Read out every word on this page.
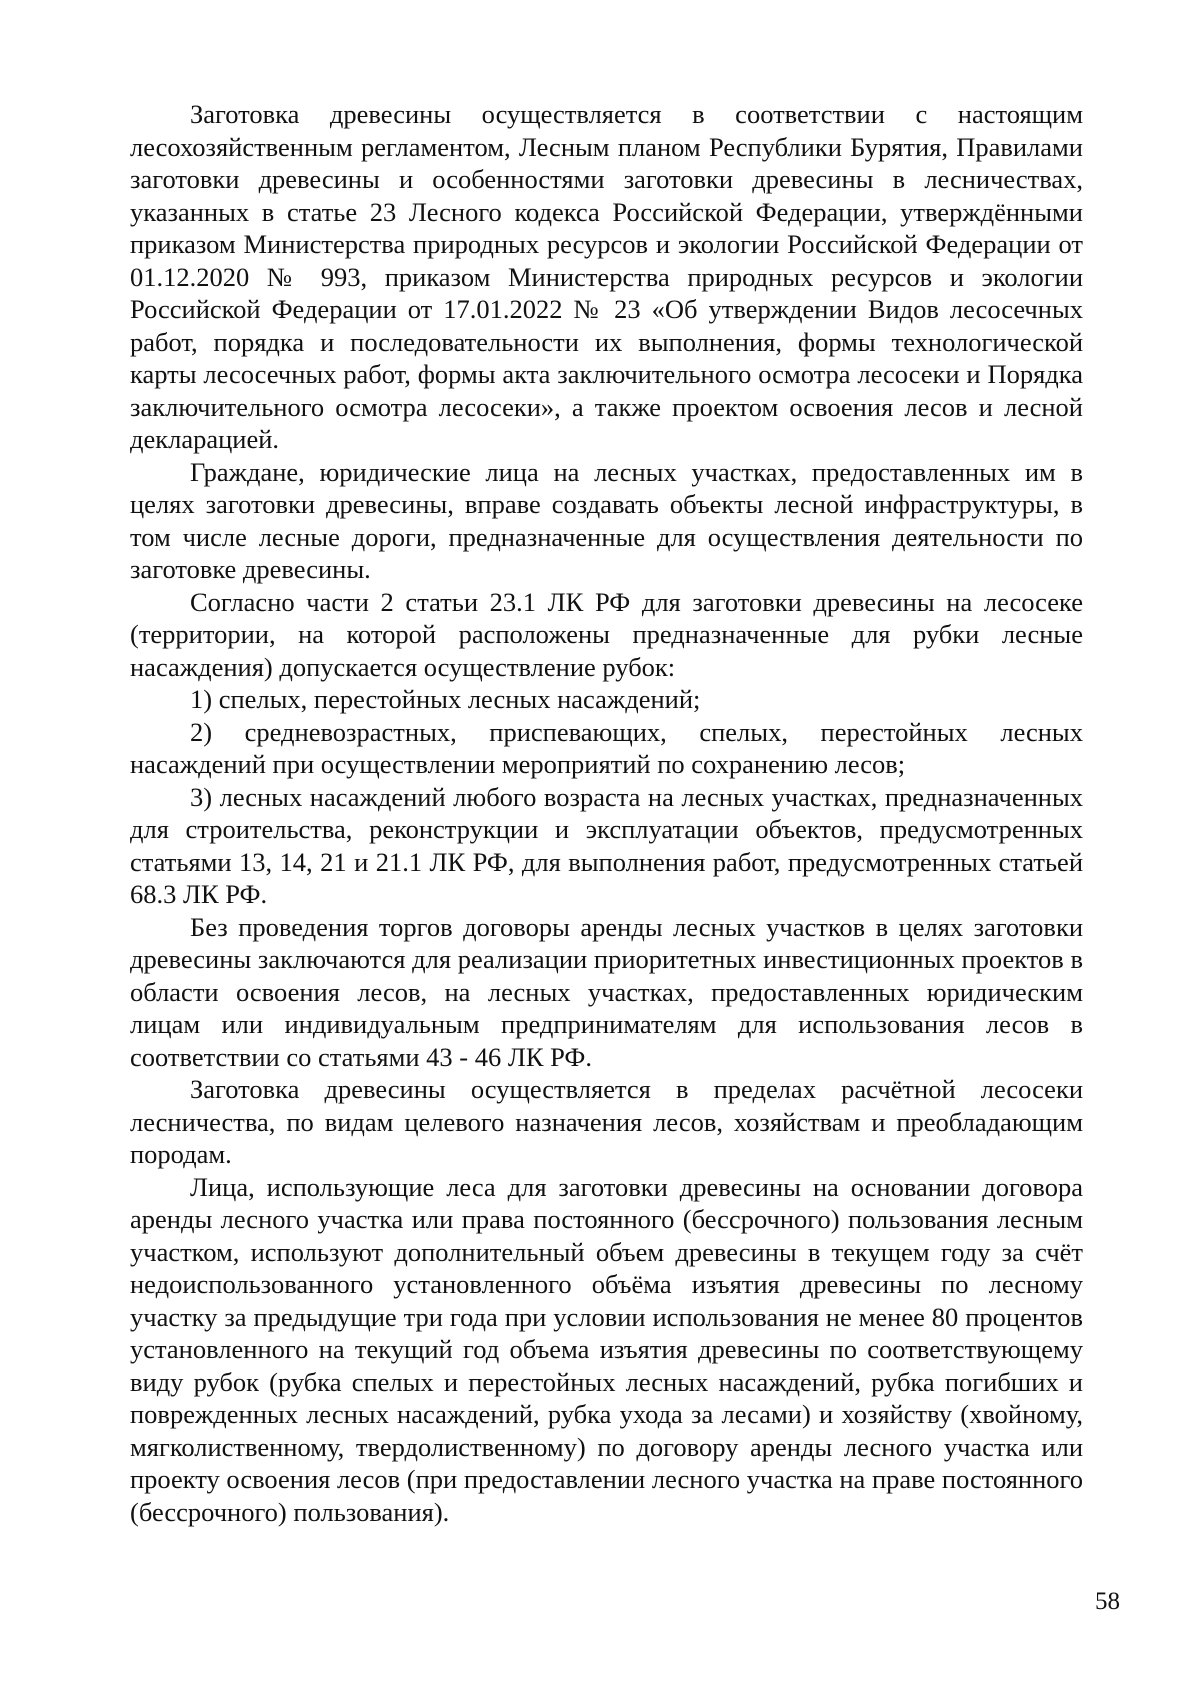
Заготовка древесины осуществляется в соответствии с настоящим лесохозяйственным регламентом, Лесным планом Республики Бурятия, Правилами заготовки древесины и особенностями заготовки древесины в лесничествах, указанных в статье 23 Лесного кодекса Российской Федерации, утверждёнными приказом Министерства природных ресурсов и экологии Российской Федерации от 01.12.2020 № 993, приказом Министерства природных ресурсов и экологии Российской Федерации от 17.01.2022 № 23 «Об утверждении Видов лесосечных работ, порядка и последовательности их выполнения, формы технологической карты лесосечных работ, формы акта заключительного осмотра лесосеки и Порядка заключительного осмотра лесосеки», а также проектом освоения лесов и лесной декларацией.

Граждане, юридические лица на лесных участках, предоставленных им в целях заготовки древесины, вправе создавать объекты лесной инфраструктуры, в том числе лесные дороги, предназначенные для осуществления деятельности по заготовке древесины.

Согласно части 2 статьи 23.1 ЛК РФ для заготовки древесины на лесосеке (территории, на которой расположены предназначенные для рубки лесные насаждения) допускается осуществление рубок:

1) спелых, перестойных лесных насаждений;

2) средневозрастных, приспевающих, спелых, перестойных лесных насаждений при осуществлении мероприятий по сохранению лесов;

3) лесных насаждений любого возраста на лесных участках, предназначенных для строительства, реконструкции и эксплуатации объектов, предусмотренных статьями 13, 14, 21 и 21.1 ЛК РФ, для выполнения работ, предусмотренных статьей 68.3 ЛК РФ.

Без проведения торгов договоры аренды лесных участков в целях заготовки древесины заключаются для реализации приоритетных инвестиционных проектов в области освоения лесов, на лесных участках, предоставленных юридическим лицам или индивидуальным предпринимателям для использования лесов в соответствии со статьями 43 - 46 ЛК РФ.

Заготовка древесины осуществляется в пределах расчётной лесосеки лесничества, по видам целевого назначения лесов, хозяйствам и преобладающим породам.

Лица, использующие леса для заготовки древесины на основании договора аренды лесного участка или права постоянного (бессрочного) пользования лесным участком, используют дополнительный объем древесины в текущем году за счёт недоиспользованного установленного объёма изъятия древесины по лесному участку за предыдущие три года при условии использования не менее 80 процентов установленного на текущий год объема изъятия древесины по соответствующему виду рубок (рубка спелых и перестойных лесных насаждений, рубка погибших и поврежденных лесных насаждений, рубка ухода за лесами) и хозяйству (хвойному, мягколиственному, твердолиственному) по договору аренды лесного участка или проекту освоения лесов (при предоставлении лесного участка на праве постоянного (бессрочного) пользования).

58
